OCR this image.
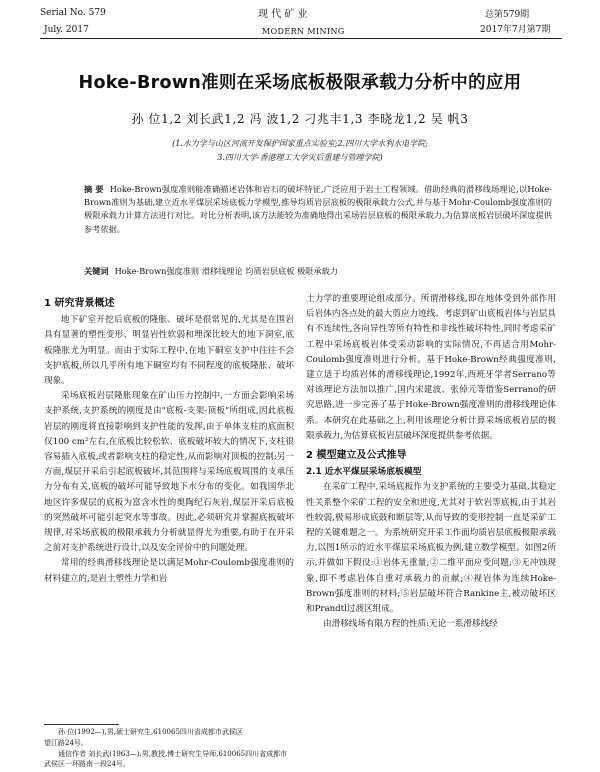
Serial No. 579
July. 2017
现 代 矿 业
MODERN MINING
总第579期
2017年7月第7期
Hoke-Brown准则在采场底板极限承载力分析中的应用
孙 位1,2 刘长武1,2 冯 波1,2 刁兆丰1,3 李晓龙1,2 吴 帆3
(1.水力学与山区河流开发保护国家重点实验室;2.四川大学水利水电学院;
3.四川大学-香港理工大学灾后重建与管理学院)
摘 要 Hoke-Brown强度准则能准确描述岩体和岩石的破坏特征,广泛应用于岩土工程领域。借助经典的滑移线场理论,以Hoke-Brown准则为基础,建立近水平煤层采场底板力学模型,推导均质岩层底板的极限承载力公式,并与基于Mohr-Coulomb强度准则的极限承载力计算方法进行对比。对比分析表明,该方法能较为准确地得出采场岩层底板的极限承载力,为估算底板岩层破坏深度提供参考依据。
关键词 Hoke-Brown强度准则 滑移线理论 均质岩层底板 极限承载力
1 研究背景概述

地下矿室开挖后底板的隆胀、破坏是很常见的,尤其是在围岩具有显著的塑性变形、明显岩性软弱和埋深比较大的地下洞室,底板隆胀尤为明显。而由于实际工程中,在地下硐室支护中往往不会支护底板,所以几乎所有地下硐室均有不同程度的底板隆胀、破坏现象。

采场底板岩层隆胀现象在矿山压力控制中,一方面会影响采场支护系统,支护系统的刚度是由"底板-支架-顶板"所组成,因此底板岩层的刚度将直接影响到支护性能的发挥,由于单体支柱的底面积仅100 cm²左右,在底板比较松软、底板破坏较大的情况下,支柱很容易插入底板,或者影响支柱的稳定性,从而影响对顶板的控制;另一方面,煤层开采后引起底板破坏,其范围将与采场底板周围的支承压力分布有关,底板的破坏可能导致地下水分布的变化。如我国华北地区许多煤层的底板为富含水性的奥陶纪石灰岩,煤层开采后底板的突然破坏可能引起突水等事故。因此,必须研究并掌握底板破坏规律,对采场底板的极限承载力分析就显得尤为重要,有助于在开采之前对支护系统进行设计,以及安全评价中的问题处理。

常用的经典滑移线理论是以满足Mohr-Coulomb强度准则的材料建立的,是岩土塑性力学和岩

土力学的重要理论组成部分。所谓滑移线,即在地体受到外部作用后岩体内各点处的最大剪应力迹线。考虑到矿山底板岩体与岩层具有不连续性,各向异性等所有特性和非线性破坏特性,同时考虑采矿工程中采场底板岩体受采动影响的实际情况,不再适合用Mohr-Coulomb强度准则进行分析。基于Hoke-Brown经典强度准则,建立适于均质岩体的滑移线理论,1992年,西班牙学者Serrano等对该理论方法加以推广,国内宋建波、张倬元等借鉴Serrano的研究思路,进一步完善了基于Hoke-Brown强度准则的滑移线理论体系。本研究在此基础之上,利用该理论分析计算采场底板岩层的极限承载力,为估算底板岩层破坏深度提供参考依据。

2 模型建立及公式推导
2.1 近水平煤层采场底板模型

在采矿工程中,采场底板作为支护系统的主要受力基础,其稳定性关系整个采矿工程的安全和进度,尤其对于软岩等底板,由于其岩性较弱,极易形成底鼓和断层等,从而导致的变形控制一直是采矿工程的关键难题之一。为系统研究开采工作面均质岩层底板极限承载力,以图1所示的近水平煤层采场底板为例,建立数学模型。如图2所示,并做如下假设:①岩体无重量;②二维平面应变问题;③无冲蚀现象,即不考虑岩体自重对承载力的贡献;④视岩体为连续Hoke-Brown强度准则的材料;⑤岩层破坏符合Rankine主,被动破坏区和Prandtl过渡区组成。

由滑移线场有限方程的性质:无论一系滑移线经

孙 位(1992—),男,硕士研究生,610065四川省成都市武侯区
望江路24号。
通信作者 刘长武(1963—),男,教授,博士研究生导师,610065四川省成都市武侯区一环路南一段24号。
